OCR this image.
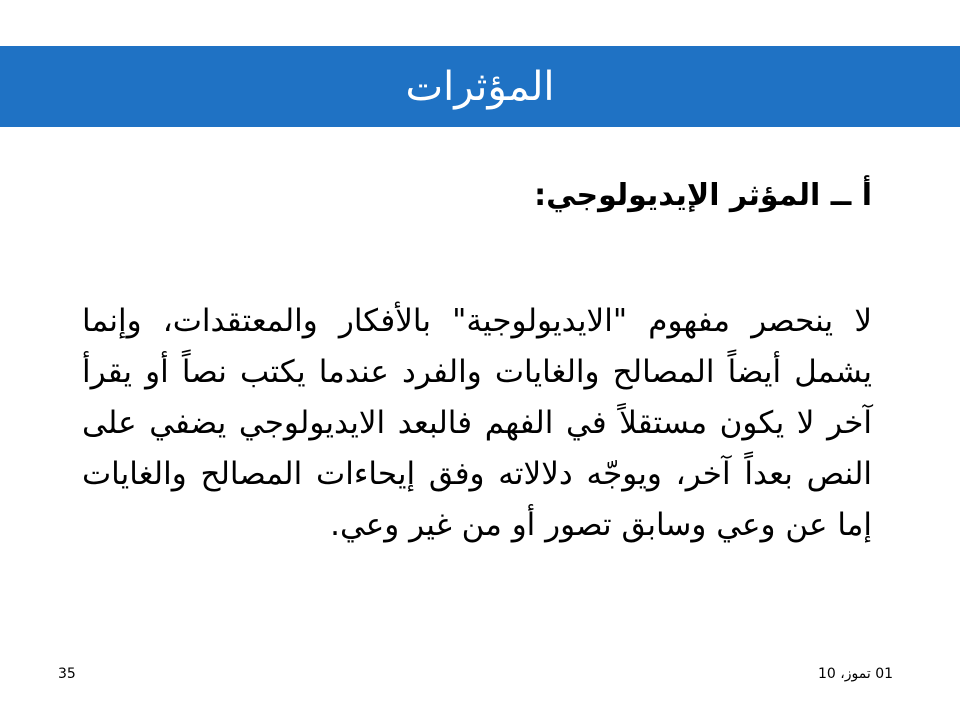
المؤثرات
أ ــ المؤثر الإيديولوجي:
لا ينحصر مفهوم "الايديولوجية" بالأفكار والمعتقدات، وإنما يشمل أيضاً المصالح والغايات والفرد عندما يكتب نصاً أو يقرأ آخر لا يكون مستقلاً في الفهم فالبعد الايديولوجي يضفي على النص بعداً آخر، ويوجّه دلالاته وفق إيحاءات المصالح والغايات إما عن وعي وسابق تصور أو من غير وعي.
01 تموز، 10
35
